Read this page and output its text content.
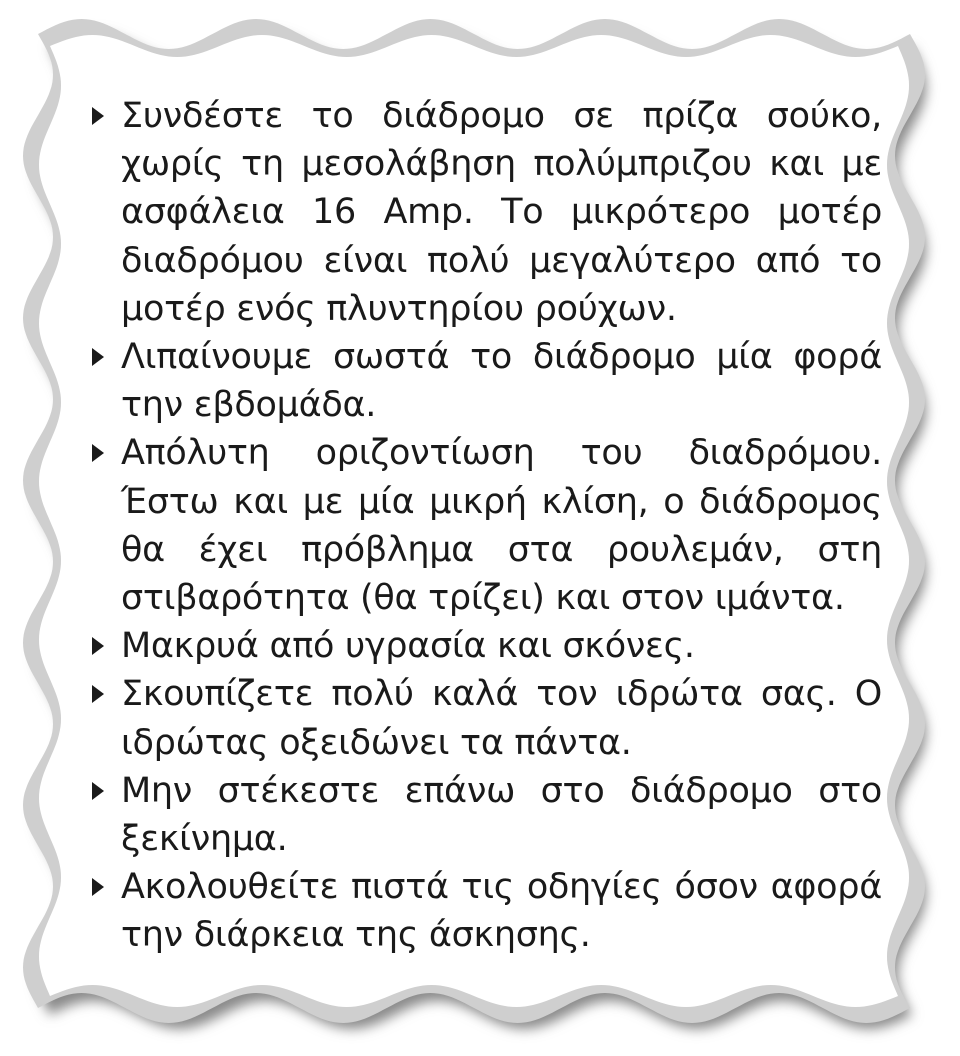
Συνδέστε το διάδρομο σε πρίζα σούκο, χωρίς τη μεσολάβηση πολύμπριζου και με ασφάλεια 16 Amp. Το μικρότερο μοτέρ διαδρόμου είναι πολύ μεγαλύτερο από το μοτέρ ενός πλυντηρίου ρούχων.

Λιπαίνουμε σωστά το διάδρομο μία φορά την εβδομάδα.

Απόλυτη οριζοντίωση του διαδρόμου. Έστω και με μία μικρή κλίση, ο διάδρομος θα έχει πρόβλημα στα ρουλεμάν, στη στιβαρότητα (θα τρίζει) και στον ιμάντα.

Μακρυά από υγρασία και σκόνες.

Σκουπίζετε πολύ καλά τον ιδρώτα σας. Ο ιδρώτας οξειδώνει τα πάντα.

Μην στέκεστε επάνω στο διάδρομο στο ξεκίνημα.

Ακολουθείτε πιστά τις οδηγίες όσον αφορά την διάρκεια της άσκησης.
